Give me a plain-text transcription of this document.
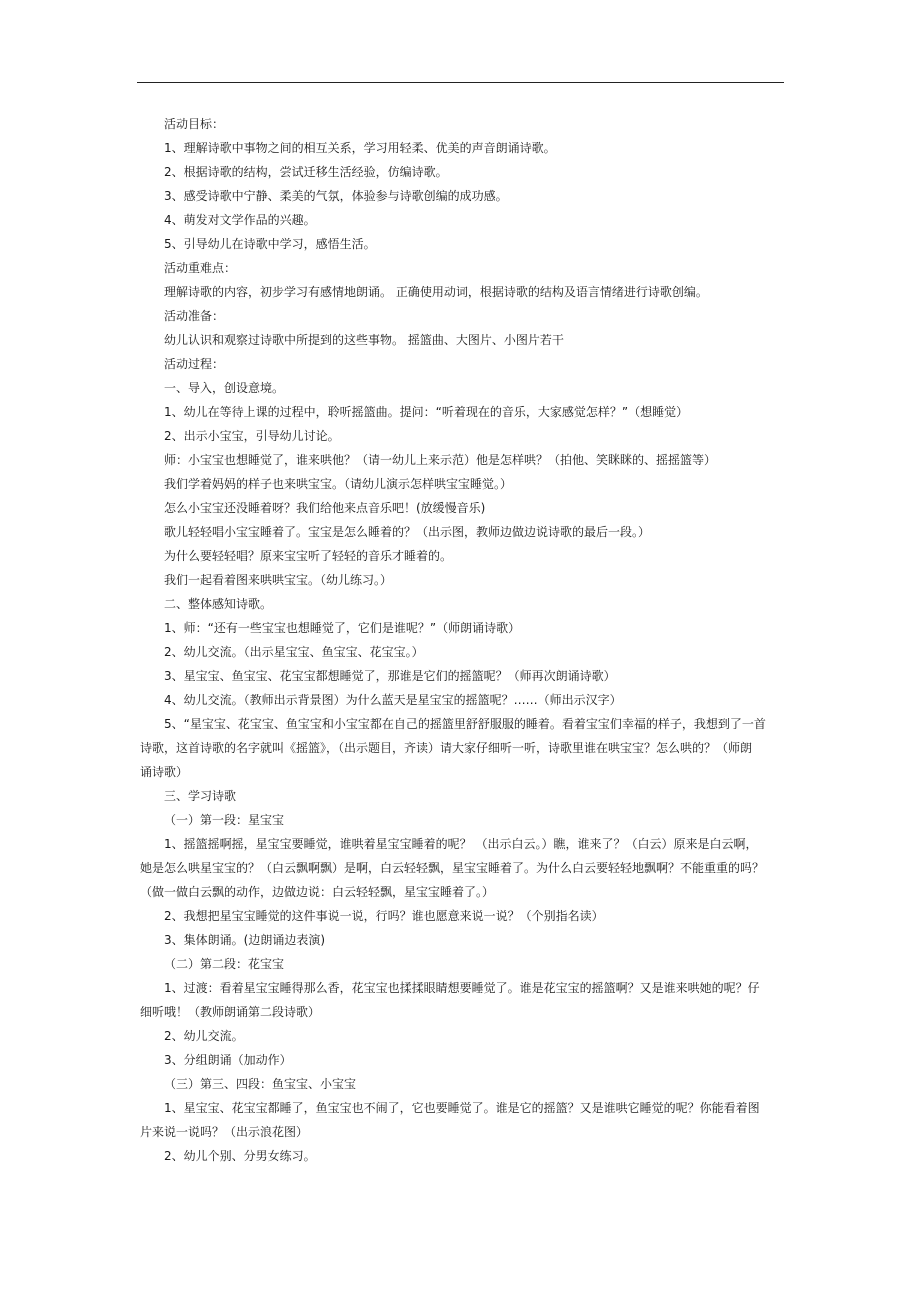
活动目标：
1、理解诗歌中事物之间的相互关系，学习用轻柔、优美的声音朗诵诗歌。
2、根据诗歌的结构，尝试迁移生活经验，仿编诗歌。
3、感受诗歌中宁静、柔美的气氛，体验参与诗歌创编的成功感。
4、萌发对文学作品的兴趣。
5、引导幼儿在诗歌中学习，感悟生活。
活动重难点：
理解诗歌的内容，初步学习有感情地朗诵。 正确使用动词，根据诗歌的结构及语言情绪进行诗歌创编。
活动准备：
幼儿认识和观察过诗歌中所提到的这些事物。 摇篮曲、大图片、小图片若干
活动过程：
一、导入，创设意境。
1、幼儿在等待上课的过程中，聆听摇篮曲。提问：“听着现在的音乐，大家感觉怎样？”（想睡觉）
2、出示小宝宝，引导幼儿讨论。
师：小宝宝也想睡觉了，谁来哄他？（请一幼儿上来示范）他是怎样哄？（拍他、笑眯眯的、摇摇篮等）
我们学着妈妈的样子也来哄宝宝。（请幼儿演示怎样哄宝宝睡觉。）
怎么小宝宝还没睡着呀？我们给他来点音乐吧！(放缓慢音乐)
歌儿轻轻唱小宝宝睡着了。宝宝是怎么睡着的？（出示图，教师边做边说诗歌的最后一段。）
为什么要轻轻唱？原来宝宝听了轻轻的音乐才睡着的。
我们一起看着图来哄哄宝宝。（幼儿练习。）
二、整体感知诗歌。
1、师：“还有一些宝宝也想睡觉了，它们是谁呢？”（师朗诵诗歌）
2、幼儿交流。（出示星宝宝、鱼宝宝、花宝宝。）
3、星宝宝、鱼宝宝、花宝宝都想睡觉了，那谁是它们的摇篮呢？（师再次朗诵诗歌）
4、幼儿交流。（教师出示背景图）为什么蓝天是星宝宝的摇篮呢？……（师出示汉字）
5、“星宝宝、花宝宝、鱼宝宝和小宝宝都在自己的摇篮里舒舒服服的睡着。看着宝宝们幸福的样子，我想到了一首
诗歌，这首诗歌的名字就叫《摇篮》，（出示题目，齐读）请大家仔细听一听，诗歌里谁在哄宝宝？怎么哄的？（师朗
诵诗歌）
三、学习诗歌
（一）第一段：星宝宝
1、摇篮摇啊摇，星宝宝要睡觉，谁哄着星宝宝睡着的呢？ （出示白云。）瞧，谁来了？（白云）原来是白云啊，
她是怎么哄星宝宝的？（白云飘啊飘）是啊，白云轻轻飘，星宝宝睡着了。为什么白云要轻轻地飘啊？不能重重的吗？
（做一做白云飘的动作，边做边说：白云轻轻飘，星宝宝睡着了。）
2、我想把星宝宝睡觉的这件事说一说，行吗？谁也愿意来说一说？（个别指名读）
3、集体朗诵。(边朗诵边表演)
（二）第二段：花宝宝
1、过渡：看着星宝宝睡得那么香，花宝宝也揉揉眼睛想要睡觉了。谁是花宝宝的摇篮啊？又是谁来哄她的呢？仔
细听哦！（教师朗诵第二段诗歌）
2、幼儿交流。
3、分组朗诵（加动作）
（三）第三、四段：鱼宝宝、小宝宝
1、星宝宝、花宝宝都睡了，鱼宝宝也不闹了，它也要睡觉了。谁是它的摇篮？又是谁哄它睡觉的呢？你能看着图
片来说一说吗？（出示浪花图）
2、幼儿个别、分男女练习。
